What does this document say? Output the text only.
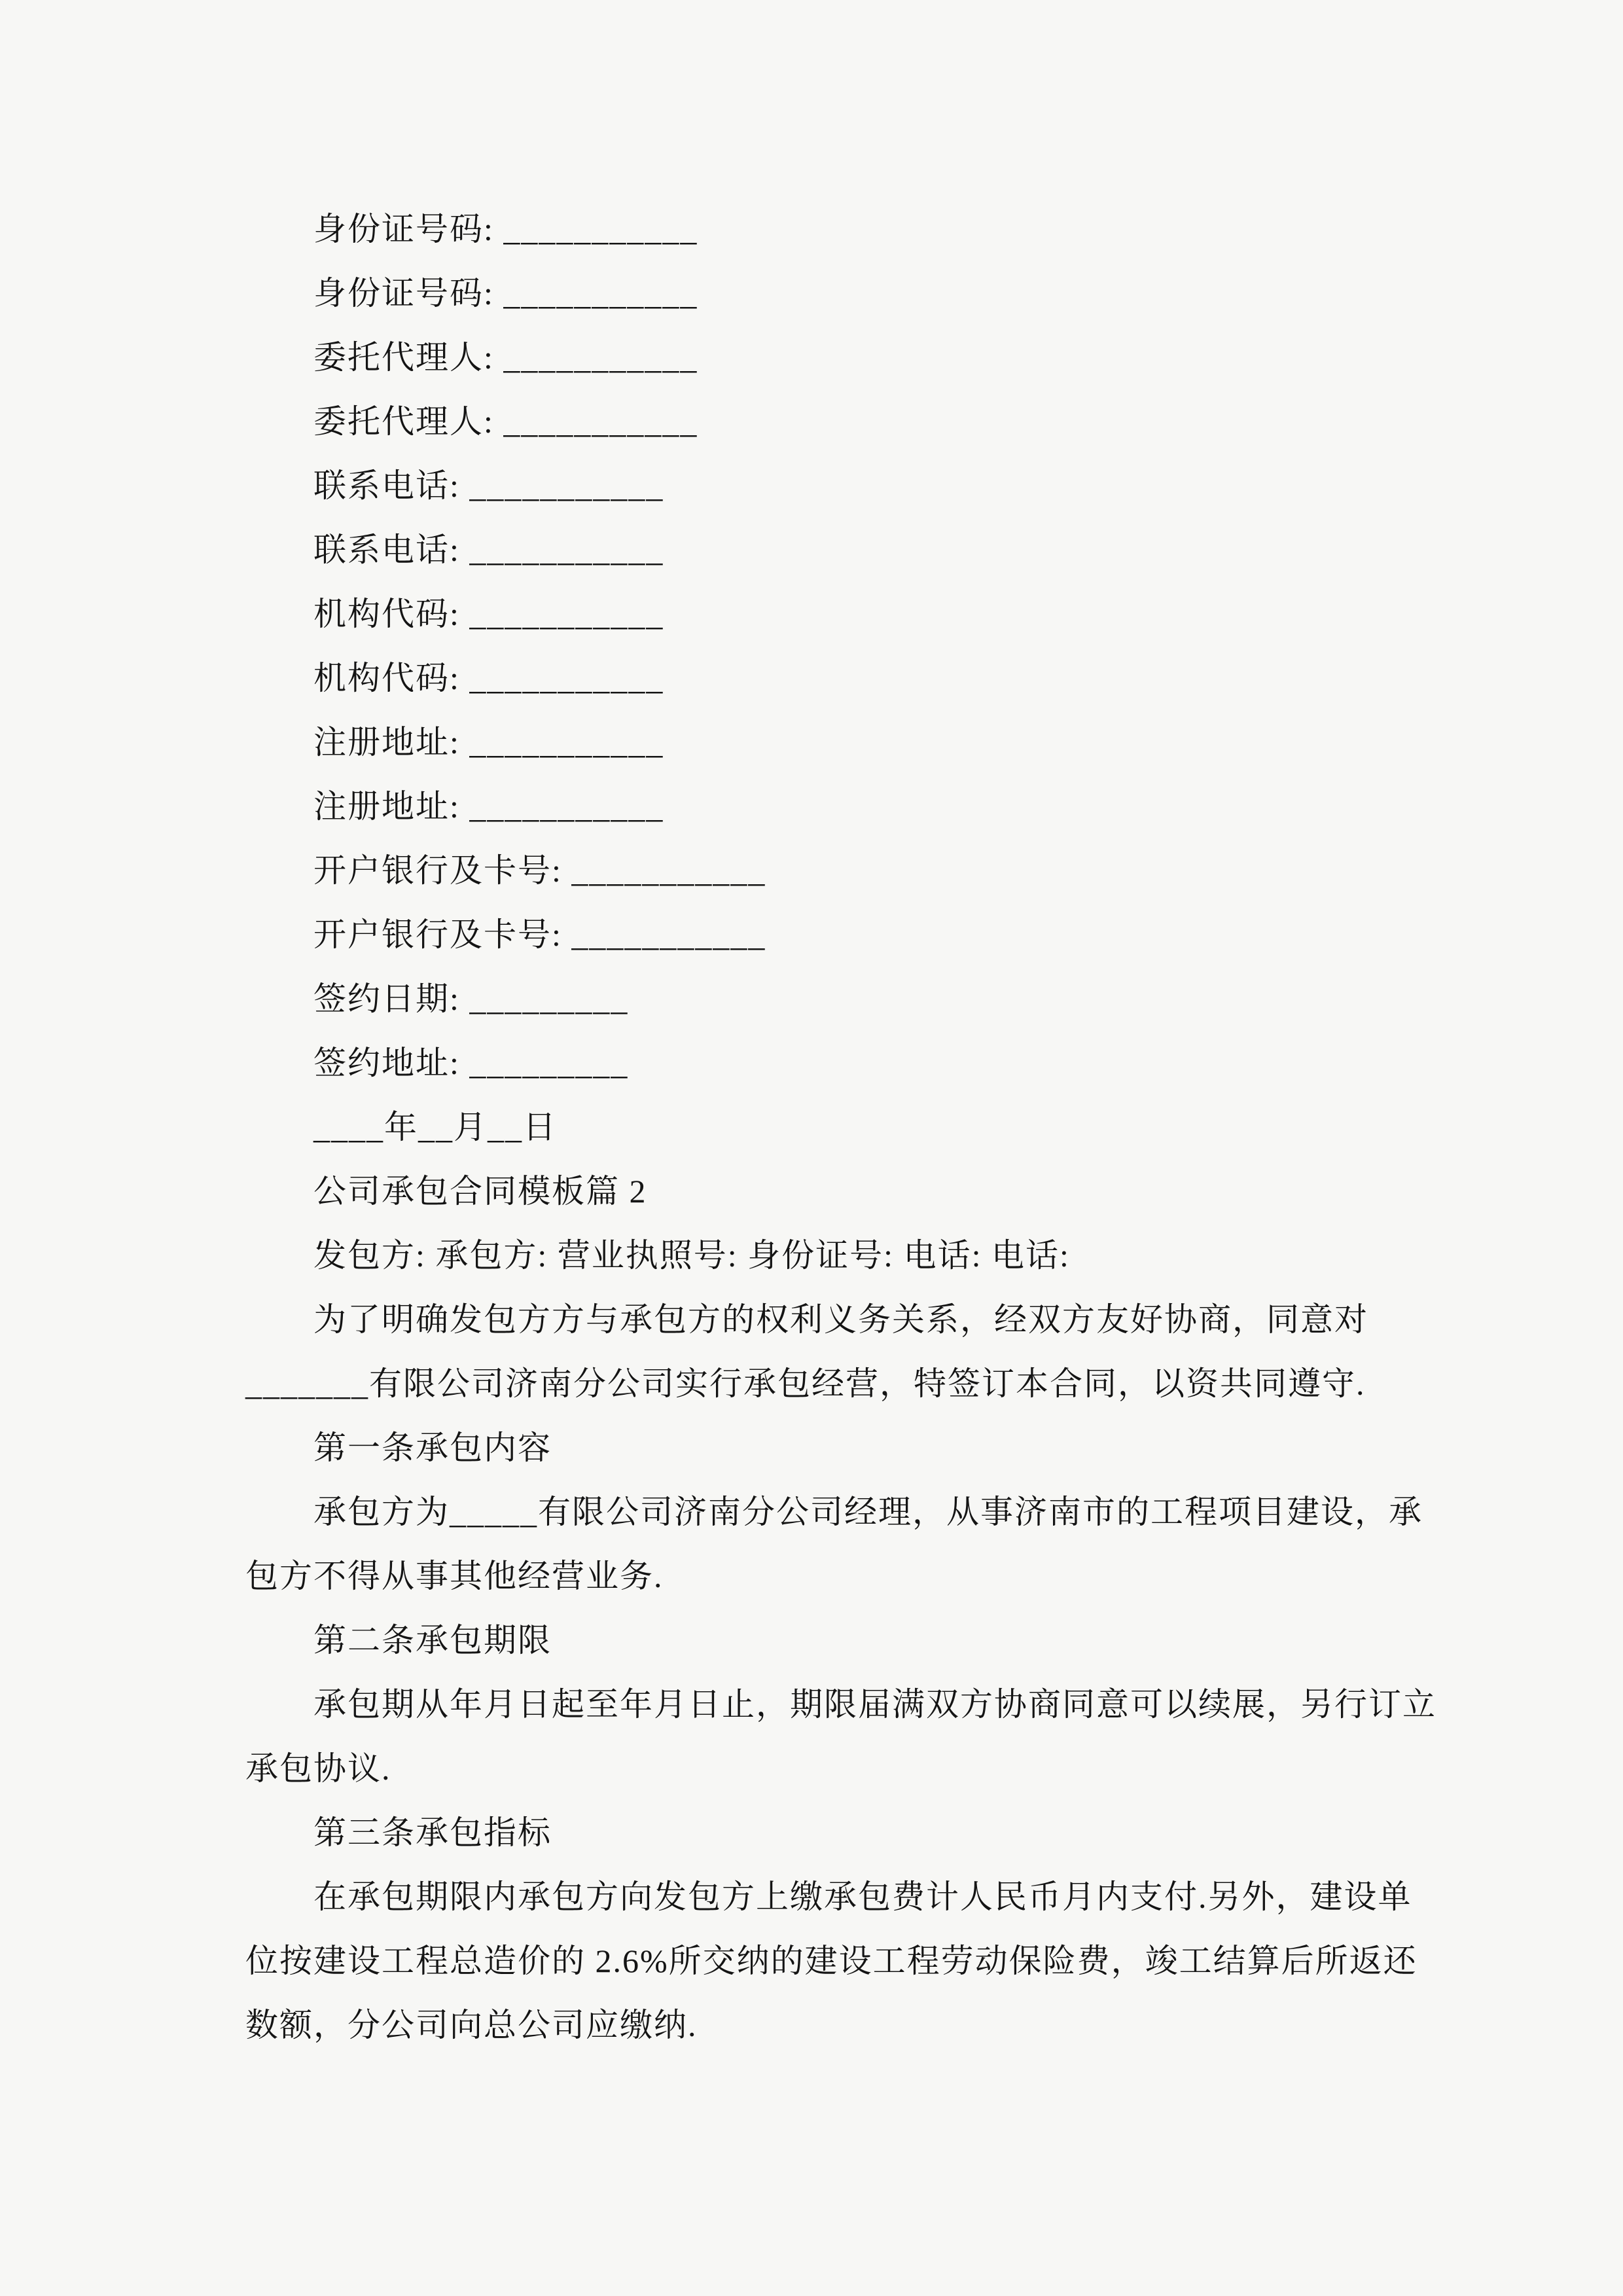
身份证号码: ___________
身份证号码: ___________
委托代理人: ___________
委托代理人: ___________
联系电话: ___________
联系电话: ___________
机构代码: ___________
机构代码: ___________
注册地址: ___________
注册地址: ___________
开户银行及卡号: ___________
开户银行及卡号: ___________
签约日期: _________
签约地址: _________
____年__月__日
公司承包合同模板篇 2
发包方: 承包方: 营业执照号: 身份证号: 电话: 电话:
为了明确发包方方与承包方的权利义务关系，经双方友好协商，同意对
_______有限公司济南分公司实行承包经营，特签订本合同，以资共同遵守.
第一条承包内容
承包方为_____有限公司济南分公司经理，从事济南市的工程项目建设，承
包方不得从事其他经营业务.
第二条承包期限
承包期从年月日起至年月日止，期限届满双方协商同意可以续展，另行订立
承包协议.
第三条承包指标
在承包期限内承包方向发包方上缴承包费计人民币月内支付.另外，建设单
位按建设工程总造价的 2.6%所交纳的建设工程劳动保险费，竣工结算后所返还
数额，分公司向总公司应缴纳.
